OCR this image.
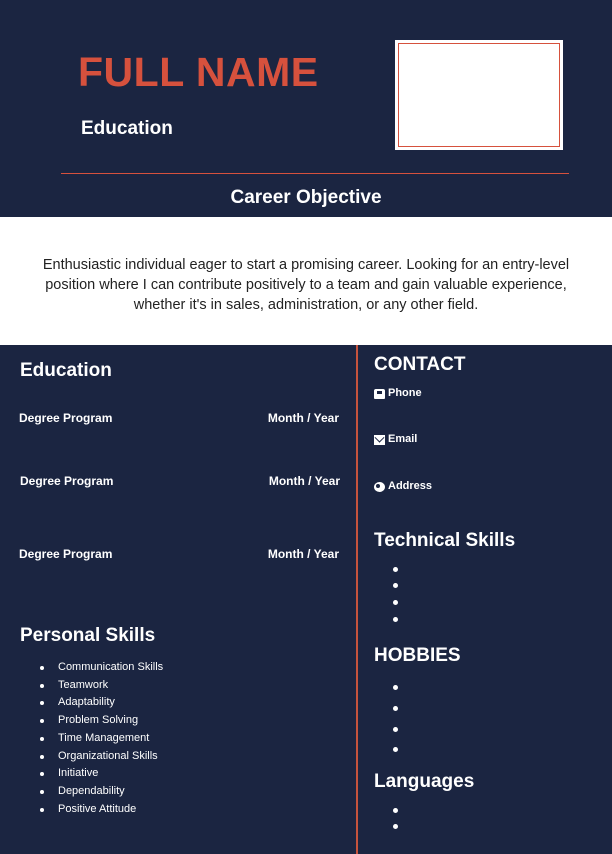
FULL NAME
Education
Career Objective

Enthusiastic individual eager to start a promising career. Looking for an entry-level
position where I can contribute positively to a team and gain valuable experience,
whether it's in sales, administration, or any other field.

Education
Degree Program	Month / Year
Degree Program	Month / Year
Degree Program	Month / Year
Personal Skills
Communication Skills
Teamwork
Adaptability
Problem Solving
Time Management
Organizational Skills
Initiative
Dependability
Positive Attitude
CONTACT
Phone
Email
Address
Technical Skills
HOBBIES
Languages
